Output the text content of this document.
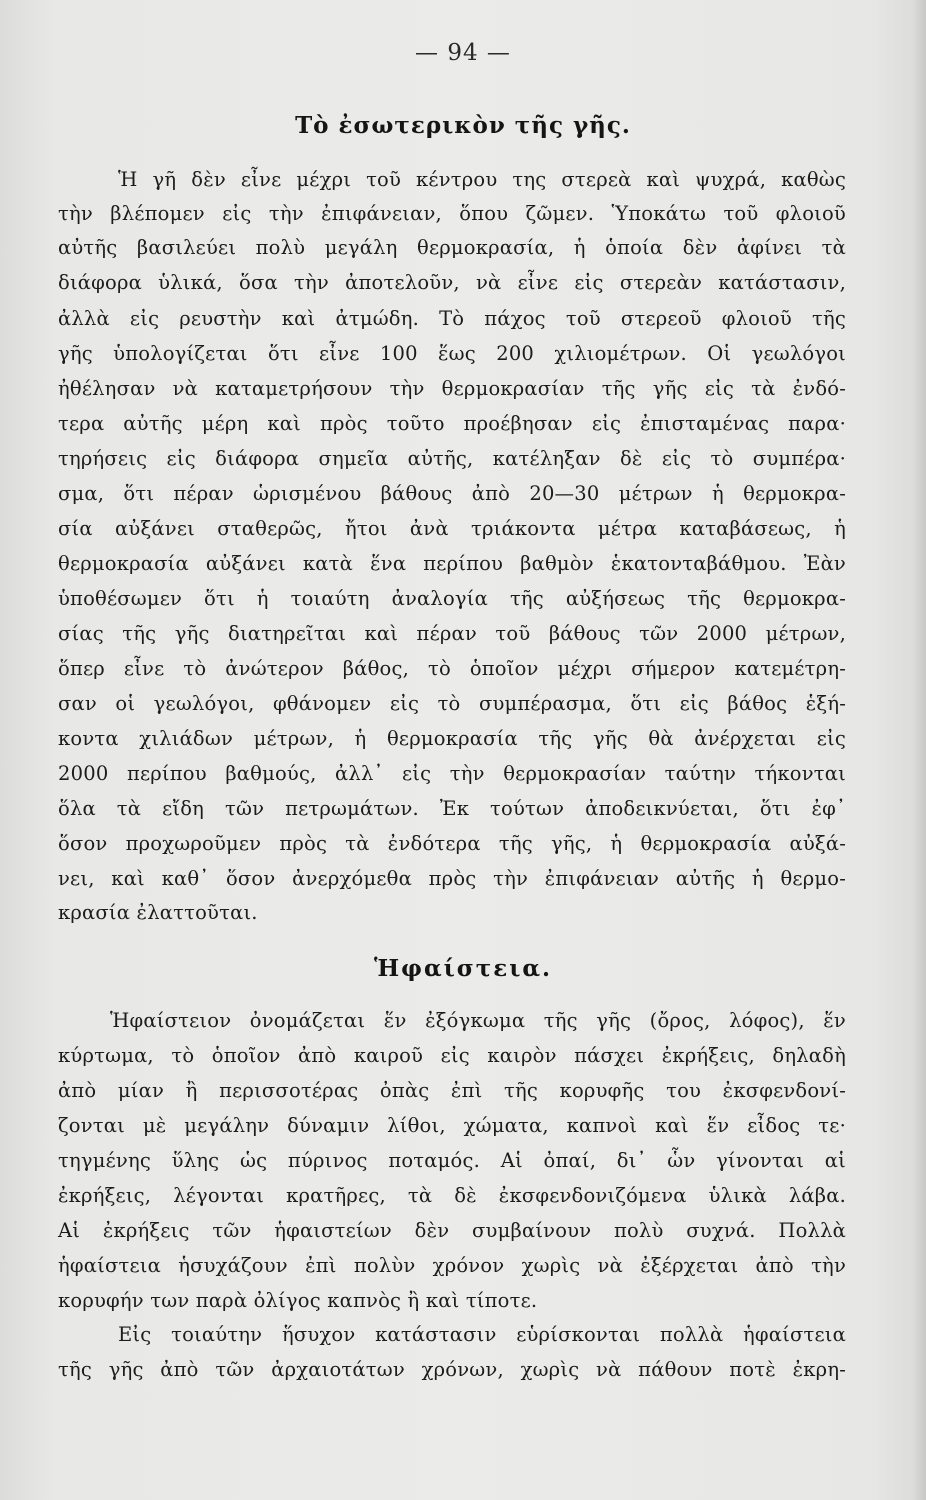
— 94 —
Τὸ ἐσωτερικὸν τῆς γῆς.
Ἡ γῆ δὲν εἶνε μέχρι τοῦ κέντρου της στερεὰ καὶ ψυχρά, καθὼς
τὴν βλέπομεν εἰς τὴν ἐπιφάνειαν, ὅπου ζῶμεν. Ὑποκάτω τοῦ φλοιοῦ
αὐτῆς βασιλεύει πολὺ μεγάλη θερμοκρασία, ἡ ὁποία δὲν ἀφίνει τὰ
διάφορα ὑλικά, ὅσα τὴν ἀποτελοῦν, νὰ εἶνε εἰς στερεὰν κατάστασιν,
ἀλλὰ εἰς ρευστὴν καὶ ἀτμώδη. Τὸ πάχος τοῦ στερεοῦ φλοιοῦ τῆς
γῆς ὑπολογίζεται ὅτι εἶνε 100 ἕως 200 χιλιομέτρων. Οἱ γεωλόγοι
ἠθέλησαν νὰ καταμετρήσουν τὴν θερμοκρασίαν τῆς γῆς εἰς τὰ ἐνδό-
τερα αὐτῆς μέρη καὶ πρὸς τοῦτο προέβησαν εἰς ἐπισταμένας παρα·
τηρήσεις εἰς διάφορα σημεῖα αὐτῆς, κατέληξαν δὲ εἰς τὸ συμπέρα·
σμα, ὅτι πέραν ὡρισμένου βάθους ἀπὸ 20—30 μέτρων ἡ θερμοκρα-
σία αὐξάνει σταθερῶς, ἤτοι ἀνὰ τριάκοντα μέτρα καταβάσεως, ἡ
θερμοκρασία αὐξάνει κατὰ ἕνα περίπου βαθμὸν ἑκατονταβάθμου. Ἐὰν
ὑποθέσωμεν ὅτι ἡ τοιαύτη ἀναλογία τῆς αὐξήσεως τῆς θερμοκρα-
σίας τῆς γῆς διατηρεῖται καὶ πέραν τοῦ βάθους τῶν 2000 μέτρων,
ὅπερ εἶνε τὸ ἀνώτερον βάθος, τὸ ὁποῖον μέχρι σήμερον κατεμέτρη-
σαν οἱ γεωλόγοι, φθάνομεν εἰς τὸ συμπέρασμα, ὅτι εἰς βάθος ἑξή-
κοντα χιλιάδων μέτρων, ἡ θερμοκρασία τῆς γῆς θὰ ἀνέρχεται εἰς
2000 περίπου βαθμούς, ἀλλ᾽ εἰς τὴν θερμοκρασίαν ταύτην τήκονται
ὅλα τὰ εἴδη τῶν πετρωμάτων. Ἐκ τούτων ἀποδεικνύεται, ὅτι ἐφ᾽
ὅσον προχωροῦμεν πρὸς τὰ ἐνδότερα τῆς γῆς, ἡ θερμοκρασία αὐξά-
νει, καὶ καθ᾽ ὅσον ἀνερχόμεθα πρὸς τὴν ἐπιφάνειαν αὐτῆς ἡ θερμο-
κρασία ἐλαττοῦται.
Ἡφαίστεια.
Ἡφαίστειον ὀνομάζεται ἕν ἐξόγκωμα τῆς γῆς (ὄρος, λόφος), ἕν
κύρτωμα, τὸ ὁποῖον ἀπὸ καιροῦ εἰς καιρὸν πάσχει ἐκρήξεις, δηλαδὴ
ἀπὸ μίαν ἢ περισσοτέρας ὀπὰς ἐπὶ τῆς κορυφῆς του ἐκσφενδονί-
ζονται μὲ μεγάλην δύναμιν λίθοι, χώματα, καπνοὶ καὶ ἕν εἶδος τε·
τηγμένης ὕλης ὡς πύρινος ποταμός. Αἱ ὀπαί, δι᾽ ὧν γίνονται αἱ
ἐκρήξεις, λέγονται κρατῆρες, τὰ δὲ ἐκσφενδονιζόμενα ὑλικὰ λάβα.
Αἱ ἐκρήξεις τῶν ἡφαιστείων δὲν συμβαίνουν πολὺ συχνά. Πολλὰ
ἡφαίστεια ἡσυχάζουν ἐπὶ πολὺν χρόνον χωρὶς νὰ ἐξέρχεται ἀπὸ τὴν
κορυφήν των παρὰ ὀλίγος καπνὸς ἢ καὶ τίποτε.
Εἰς τοιαύτην ἥσυχον κατάστασιν εὑρίσκονται πολλὰ ἡφαίστεια
τῆς γῆς ἀπὸ τῶν ἀρχαιοτάτων χρόνων, χωρὶς νὰ πάθουν ποτὲ ἐκρη-
